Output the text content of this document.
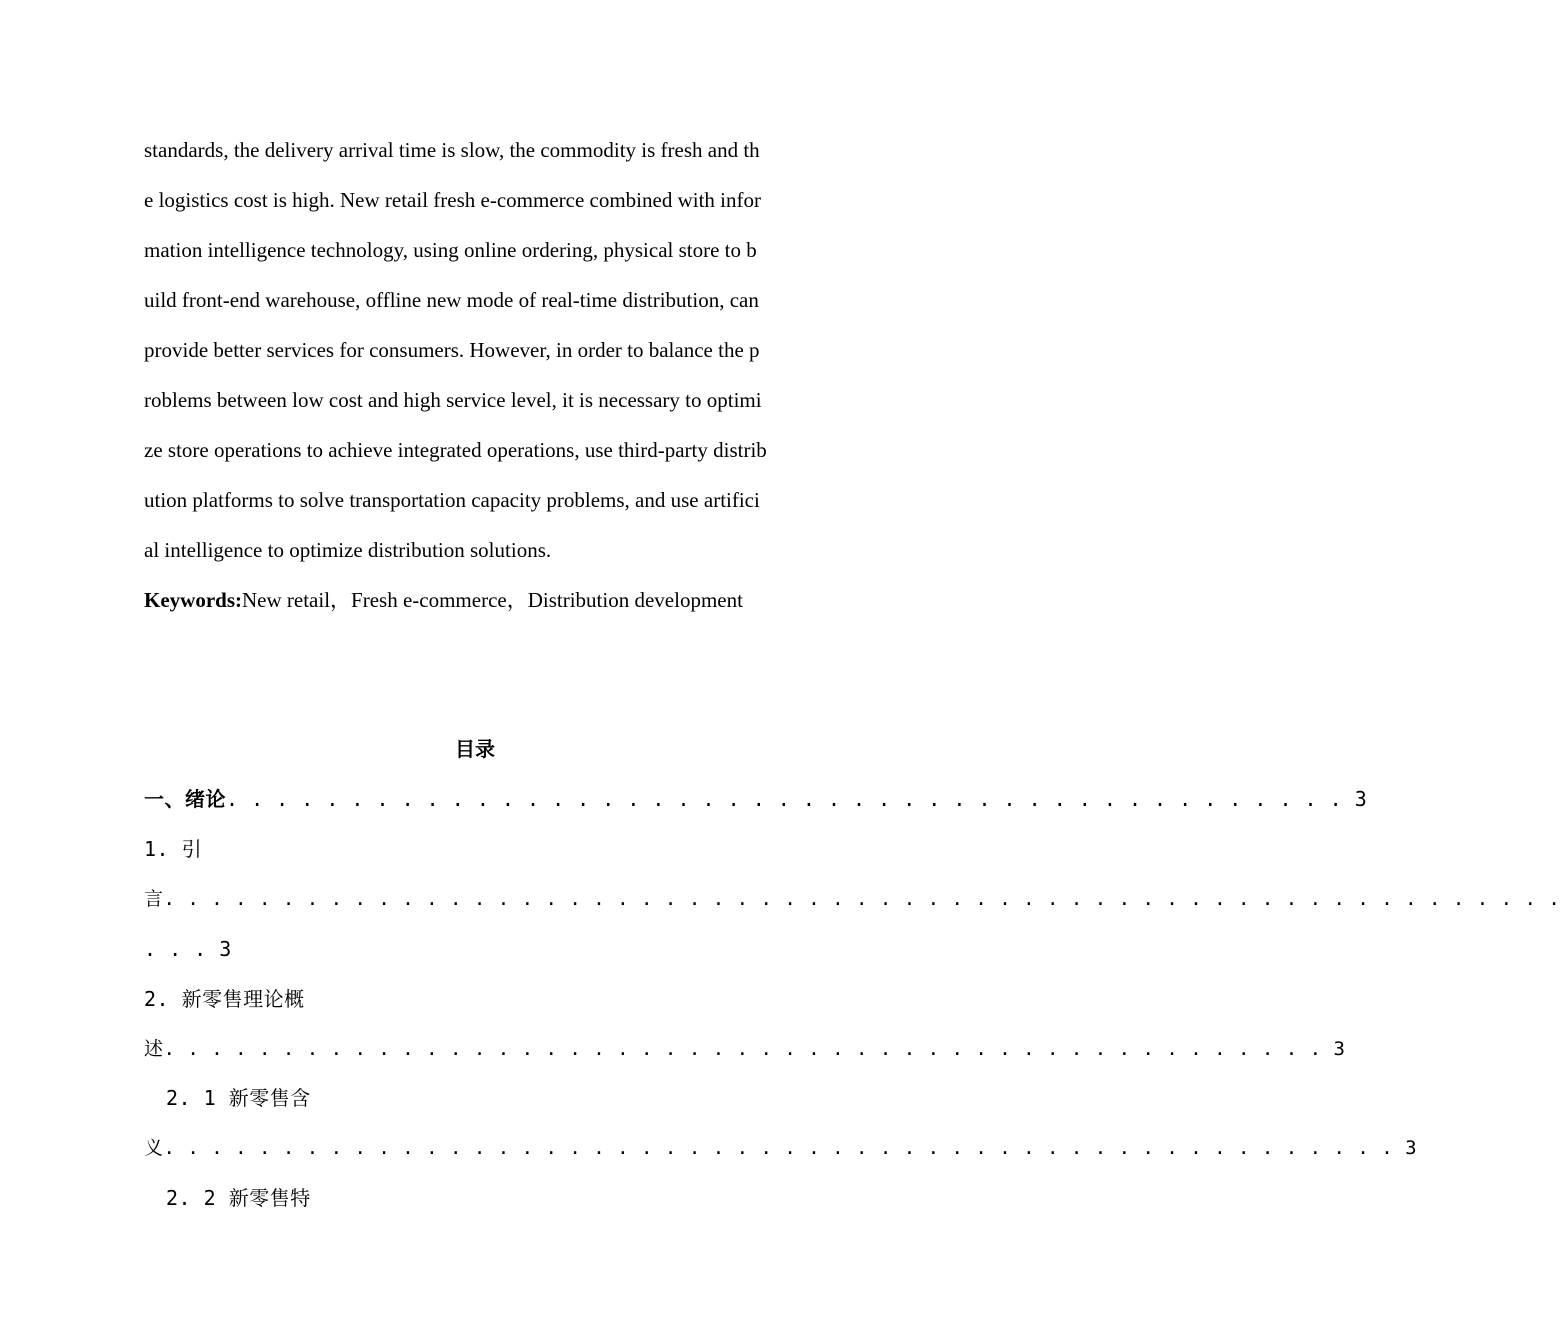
standards, the delivery arrival time is slow, the commodity is fresh and th
e logistics cost is high. New retail fresh e-commerce combined with infor
mation intelligence technology, using online ordering, physical store to b
uild front-end warehouse, offline new mode of real-time distribution, can
provide better services for consumers. However, in order to balance the p
roblems between low cost and high service level, it is necessary to optimi
ze store operations to achieve integrated operations, use third-party distrib
ution platforms to solve transportation capacity problems, and use artifici
al intelligence to optimize distribution solutions.
Keywords:New retail，Fresh e-commerce，Distribution development
目录
一、绪论. . . . . . . . . . . . . . . . . . . . . . . . . . . . . . . . . . . . . . . . . . . . . 3
1. 引
言. . . . . . . . . . . . . . . . . . . . . . . . . . . . . . . . . . . . . . . . . . . . . . . . . . . . . . . . . . .
. . . 3
2. 新零售理论概
述. . . . . . . . . . . . . . . . . . . . . . . . . . . . . . . . . . . . . . . . . . . . . . . . . 3
2. 1 新零售含
义. . . . . . . . . . . . . . . . . . . . . . . . . . . . . . . . . . . . . . . . . . . . . . . . . . . . 3
2. 2 新零售特
